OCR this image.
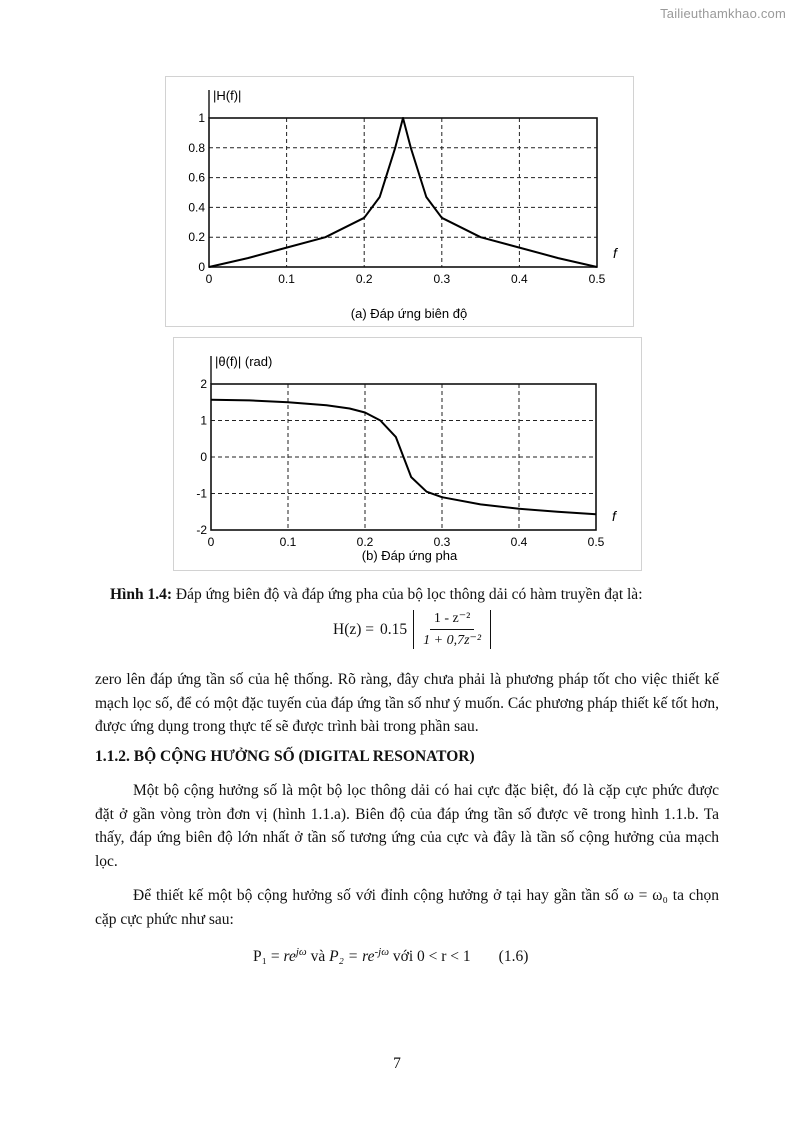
Tailieuthamkhao.com
0	0.1	0.2	0.3	0.4	0.5
0
0.2
0.4
0.6
0.8
1
|H(f)|
f
(a) Đáp ứng biên độ
0	0.1	0.2	0.3	0.4	0.5
-2
-1
0
1
2
|θ(f)| (rad)
f
(b) Đáp ứng pha
Hình 1.4: Đáp ứng biên độ và đáp ứng pha của bộ lọc thông dải có hàm truyền đạt là:
$H(z) = 0.15 \frac{\text{1 - z⁻²}}{\text{1 + 0,7z⁻²}}$
zero lên đáp ứng tần số của hệ thống. Rõ ràng, đây chưa phải là phương pháp tốt cho việc thiết kế mạch lọc số, để có một đặc tuyến của đáp ứng tần số như ý muốn. Các phương pháp thiết kế tốt hơn, được ứng dụng trong thực tế sẽ được trình bài trong phần sau.
1.1.2. BỘ CỘNG HƯỞNG SỐ (DIGITAL RESONATOR)
Một bộ cộng hưởng số là một bộ lọc thông dải có hai cực đặc biệt, đó là cặp cực phức được đặt ở gần vòng tròn đơn vị (hình 1.1.a). Biên độ của đáp ứng tần số được vẽ trong hình 1.1.b. Ta thấy, đáp ứng biên độ lớn nhất ở tần số tương ứng của cực và đây là tần số cộng hưởng của mạch lọc.
Để thiết kế một bộ cộng hưởng số với đỉnh cộng hưởng ở tại hay gần tần số ω = ω₀ ta chọn cặp cực phức như sau:
$P_1 = re^{j\omega}$ và $P_2 = re^{-j\omega}$ với 0 < r < 1 (1.6)
7
